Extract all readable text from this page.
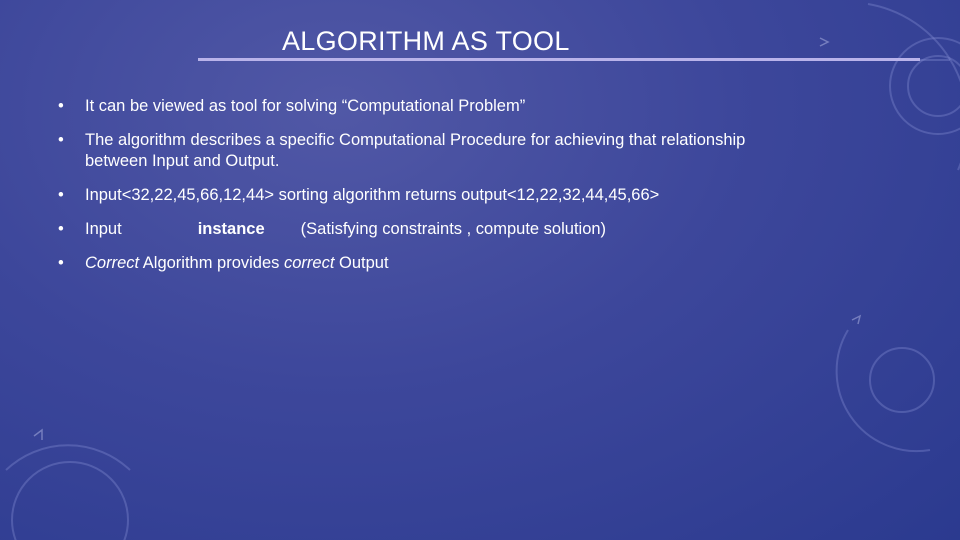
ALGORITHM AS TOOL
• It can be viewed as tool for solving “Computational Problem”
• The algorithm describes a specific Computational Procedure for achieving that relationship between Input and Output.
• Input<32,22,45,66,12,44> sorting algorithm returns output<12,22,32,44,45,66>
• Input	instance (Satisfying constraints , compute solution)
• Correct Algorithm provides correct Output
